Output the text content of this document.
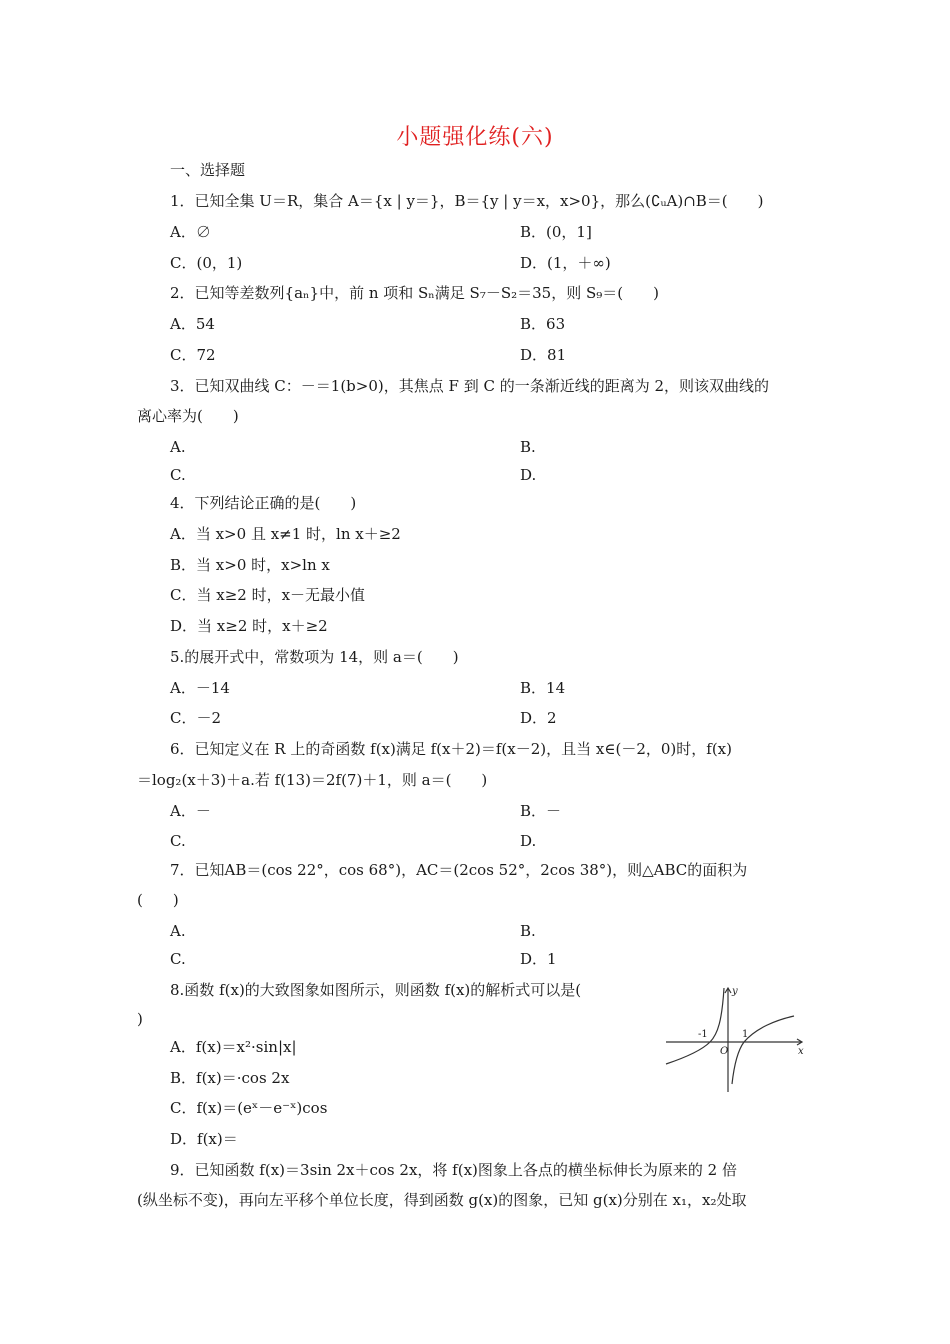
小题强化练(六)
一、选择题
1．已知全集 U＝R，集合 A＝{x | y＝}，B＝{y | y＝x，x>0}，那么(∁ᵤA)∩B＝(　　)
A．∅	B．(0，1]
C．(0，1)	D．(1，＋∞)
2．已知等差数列{aₙ}中，前 n 项和 Sₙ满足 S₇－S₂＝35，则 S₉＝(　　)
A．54	B．63
C．72	D．81
3．已知双曲线 C：－＝1(b>0)，其焦点 F 到 C 的一条渐近线的距离为 2，则该双曲线的
离心率为(　　)
A.	B.
C.	D.
4．下列结论正确的是(　　)
A．当 x>0 且 x≠1 时，ln x＋≥2
B．当 x>0 时，x>ln x
C．当 x≥2 时，x－无最小值
D．当 x≥2 时，x＋≥2
5.的展开式中，常数项为 14，则 a＝(　　)
A．－14	B．14
C．－2	D．2
6．已知定义在 R 上的奇函数 f(x)满足 f(x＋2)＝f(x－2)，且当 x∈(－2，0)时，f(x)
＝log₂(x＋3)＋a.若 f(13)＝2f(7)＋1，则 a＝(　　)
A．－	B．－
C.	D.
7．已知AB＝(cos 22°，cos 68°)，AC＝(2cos 52°，2cos 38°)，则△ABC的面积为
(　　)
A.	B.
C.	D．1
8.函数 f(x)的大致图象如图所示，则函数 f(x)的解析式可以是(
)
A．f(x)＝x²·sin|x|
B．f(x)＝·cos 2x
C．f(x)＝(eˣ－e⁻ˣ)cos
D．f(x)＝
y
x
O
-1	1
9．已知函数 f(x)＝3sin 2x＋cos 2x，将 f(x)图象上各点的横坐标伸长为原来的 2 倍
(纵坐标不变)，再向左平移个单位长度，得到函数 g(x)的图象，已知 g(x)分别在 x₁，x₂处取
